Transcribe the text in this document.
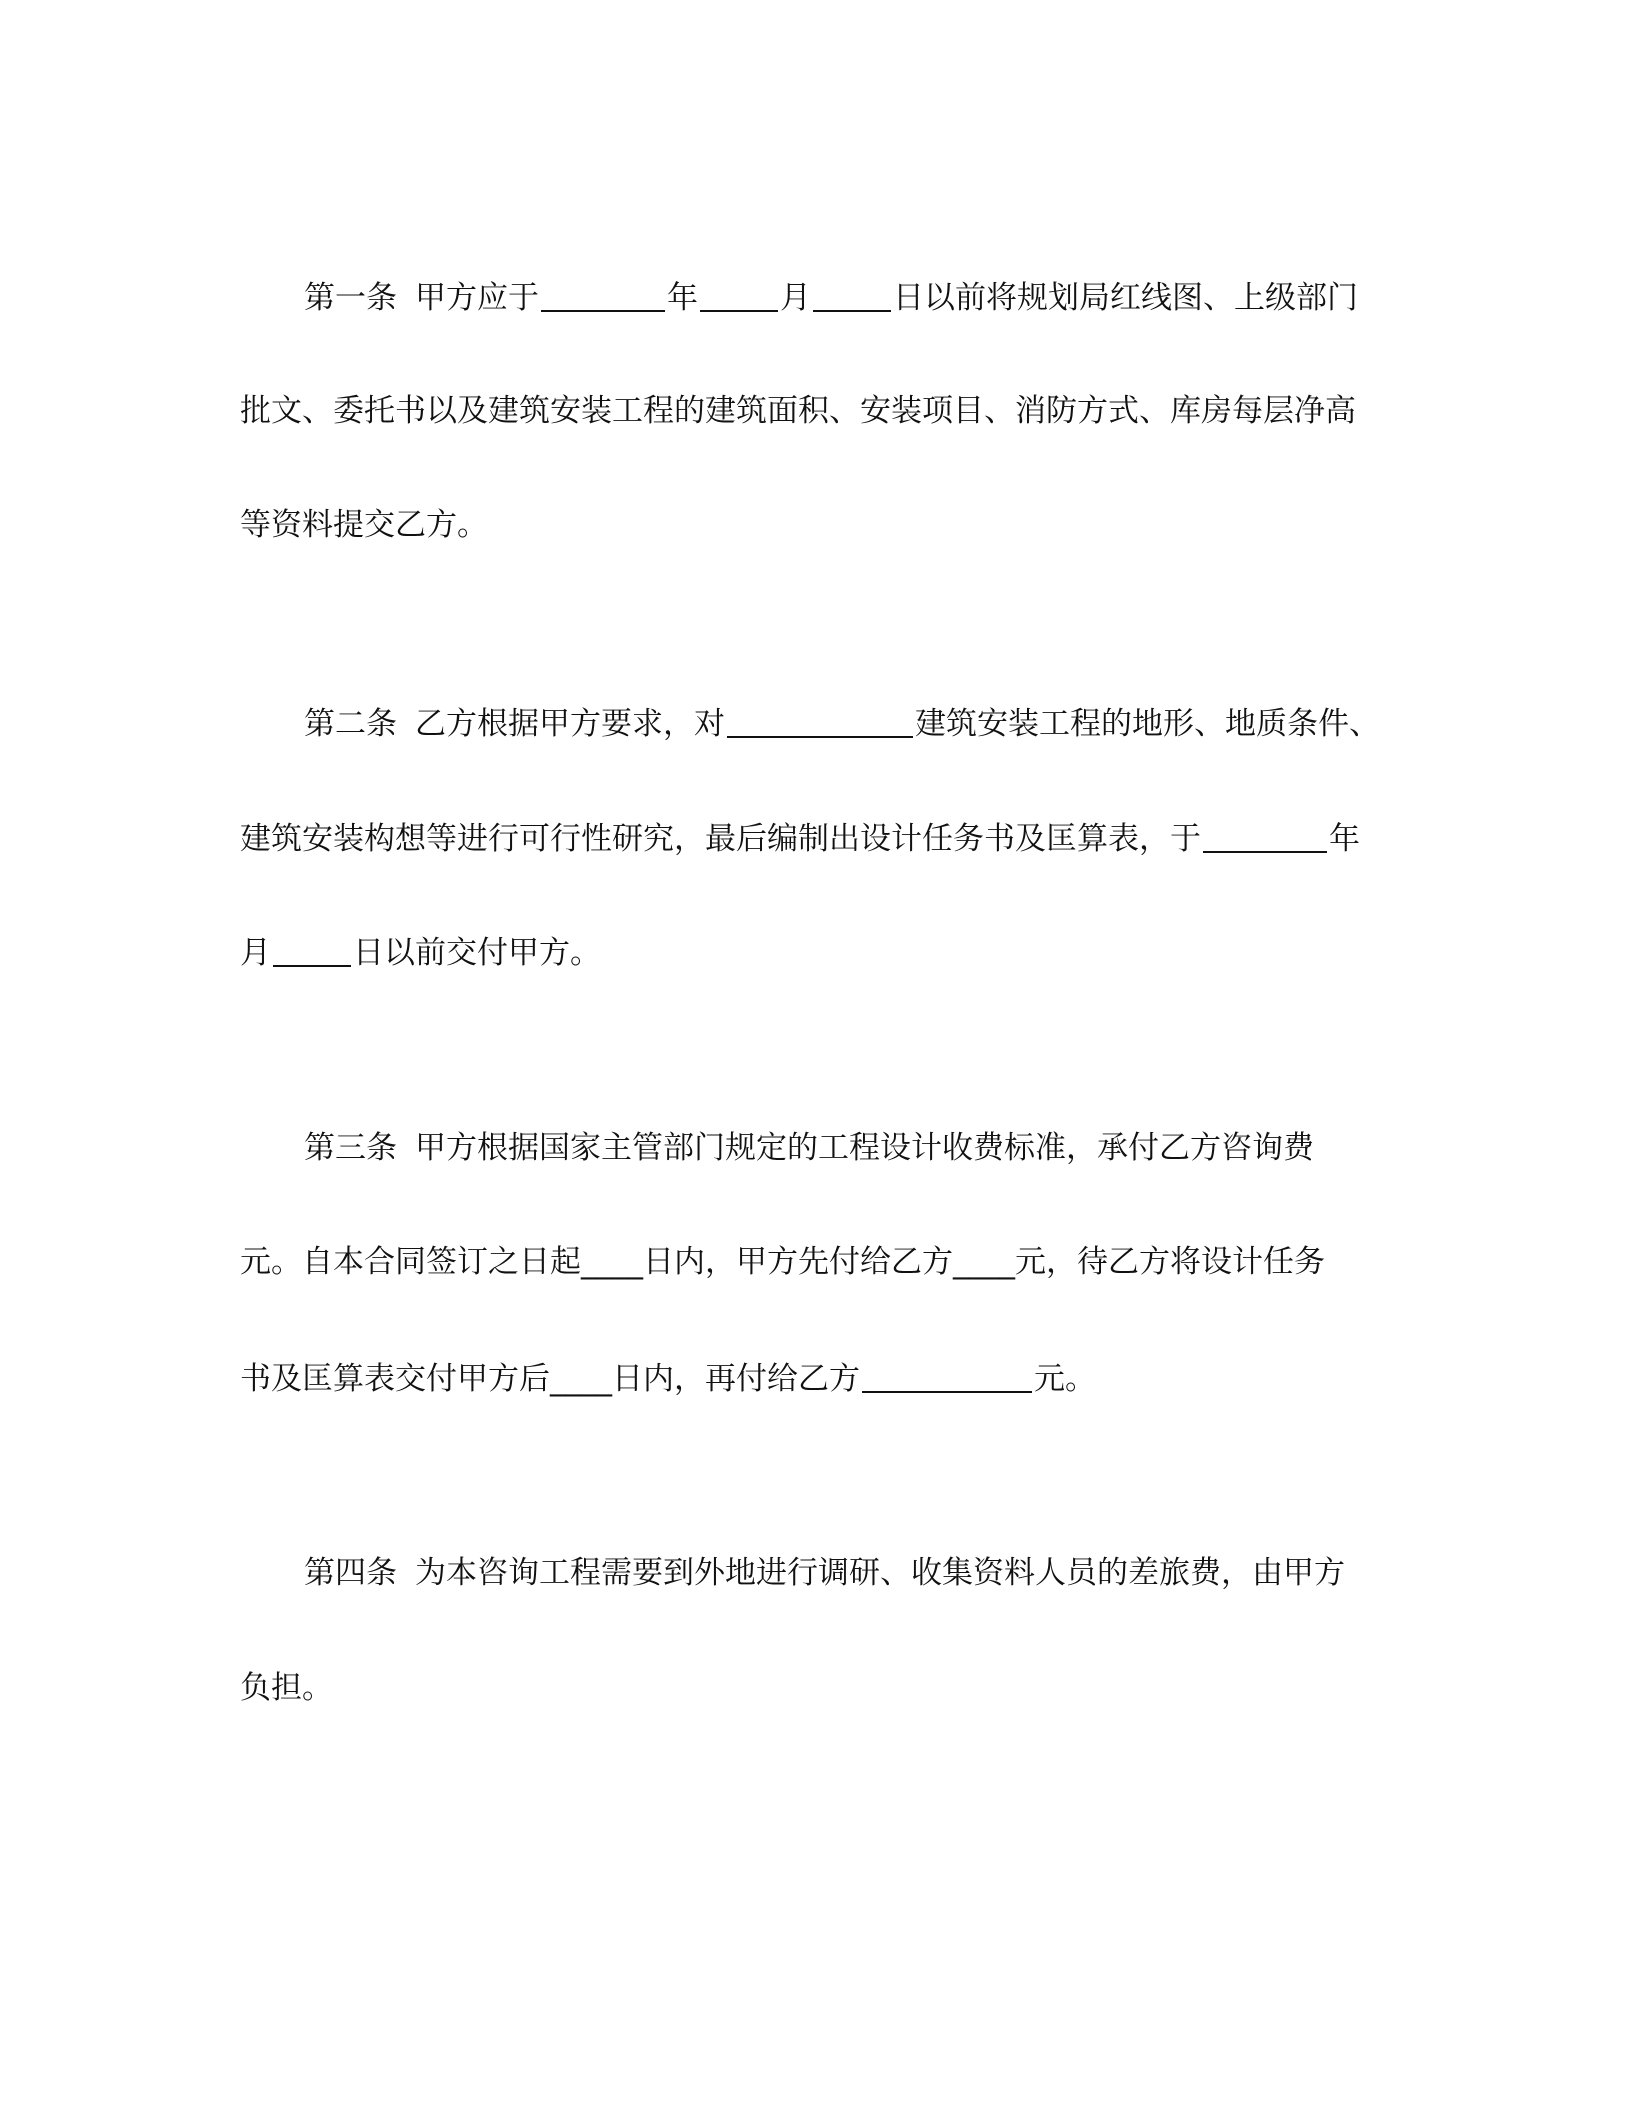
第一条 甲方应于	年	月	日以前将规划局红线图、上级部门
批文、委托书以及建筑安装工程的建筑面积、安装项目、消防方式、库房每层净高
等资料提交乙方。
第二条 乙方根据甲方要求，对	建筑安装工程的地形、地质条件、
建筑安装构想等进行可行性研究，最后编制出设计任务书及匡算表，于	年
月	日以前交付甲方。
第三条 甲方根据国家主管部门规定的工程设计收费标准，承付乙方咨询费
元。自本合同签订之日起____日内，甲方先付给乙方____元，待乙方将设计任务
书及匡算表交付甲方后____日内，再付给乙方	元。
第四条 为本咨询工程需要到外地进行调研、收集资料人员的差旅费，由甲方
负担。
